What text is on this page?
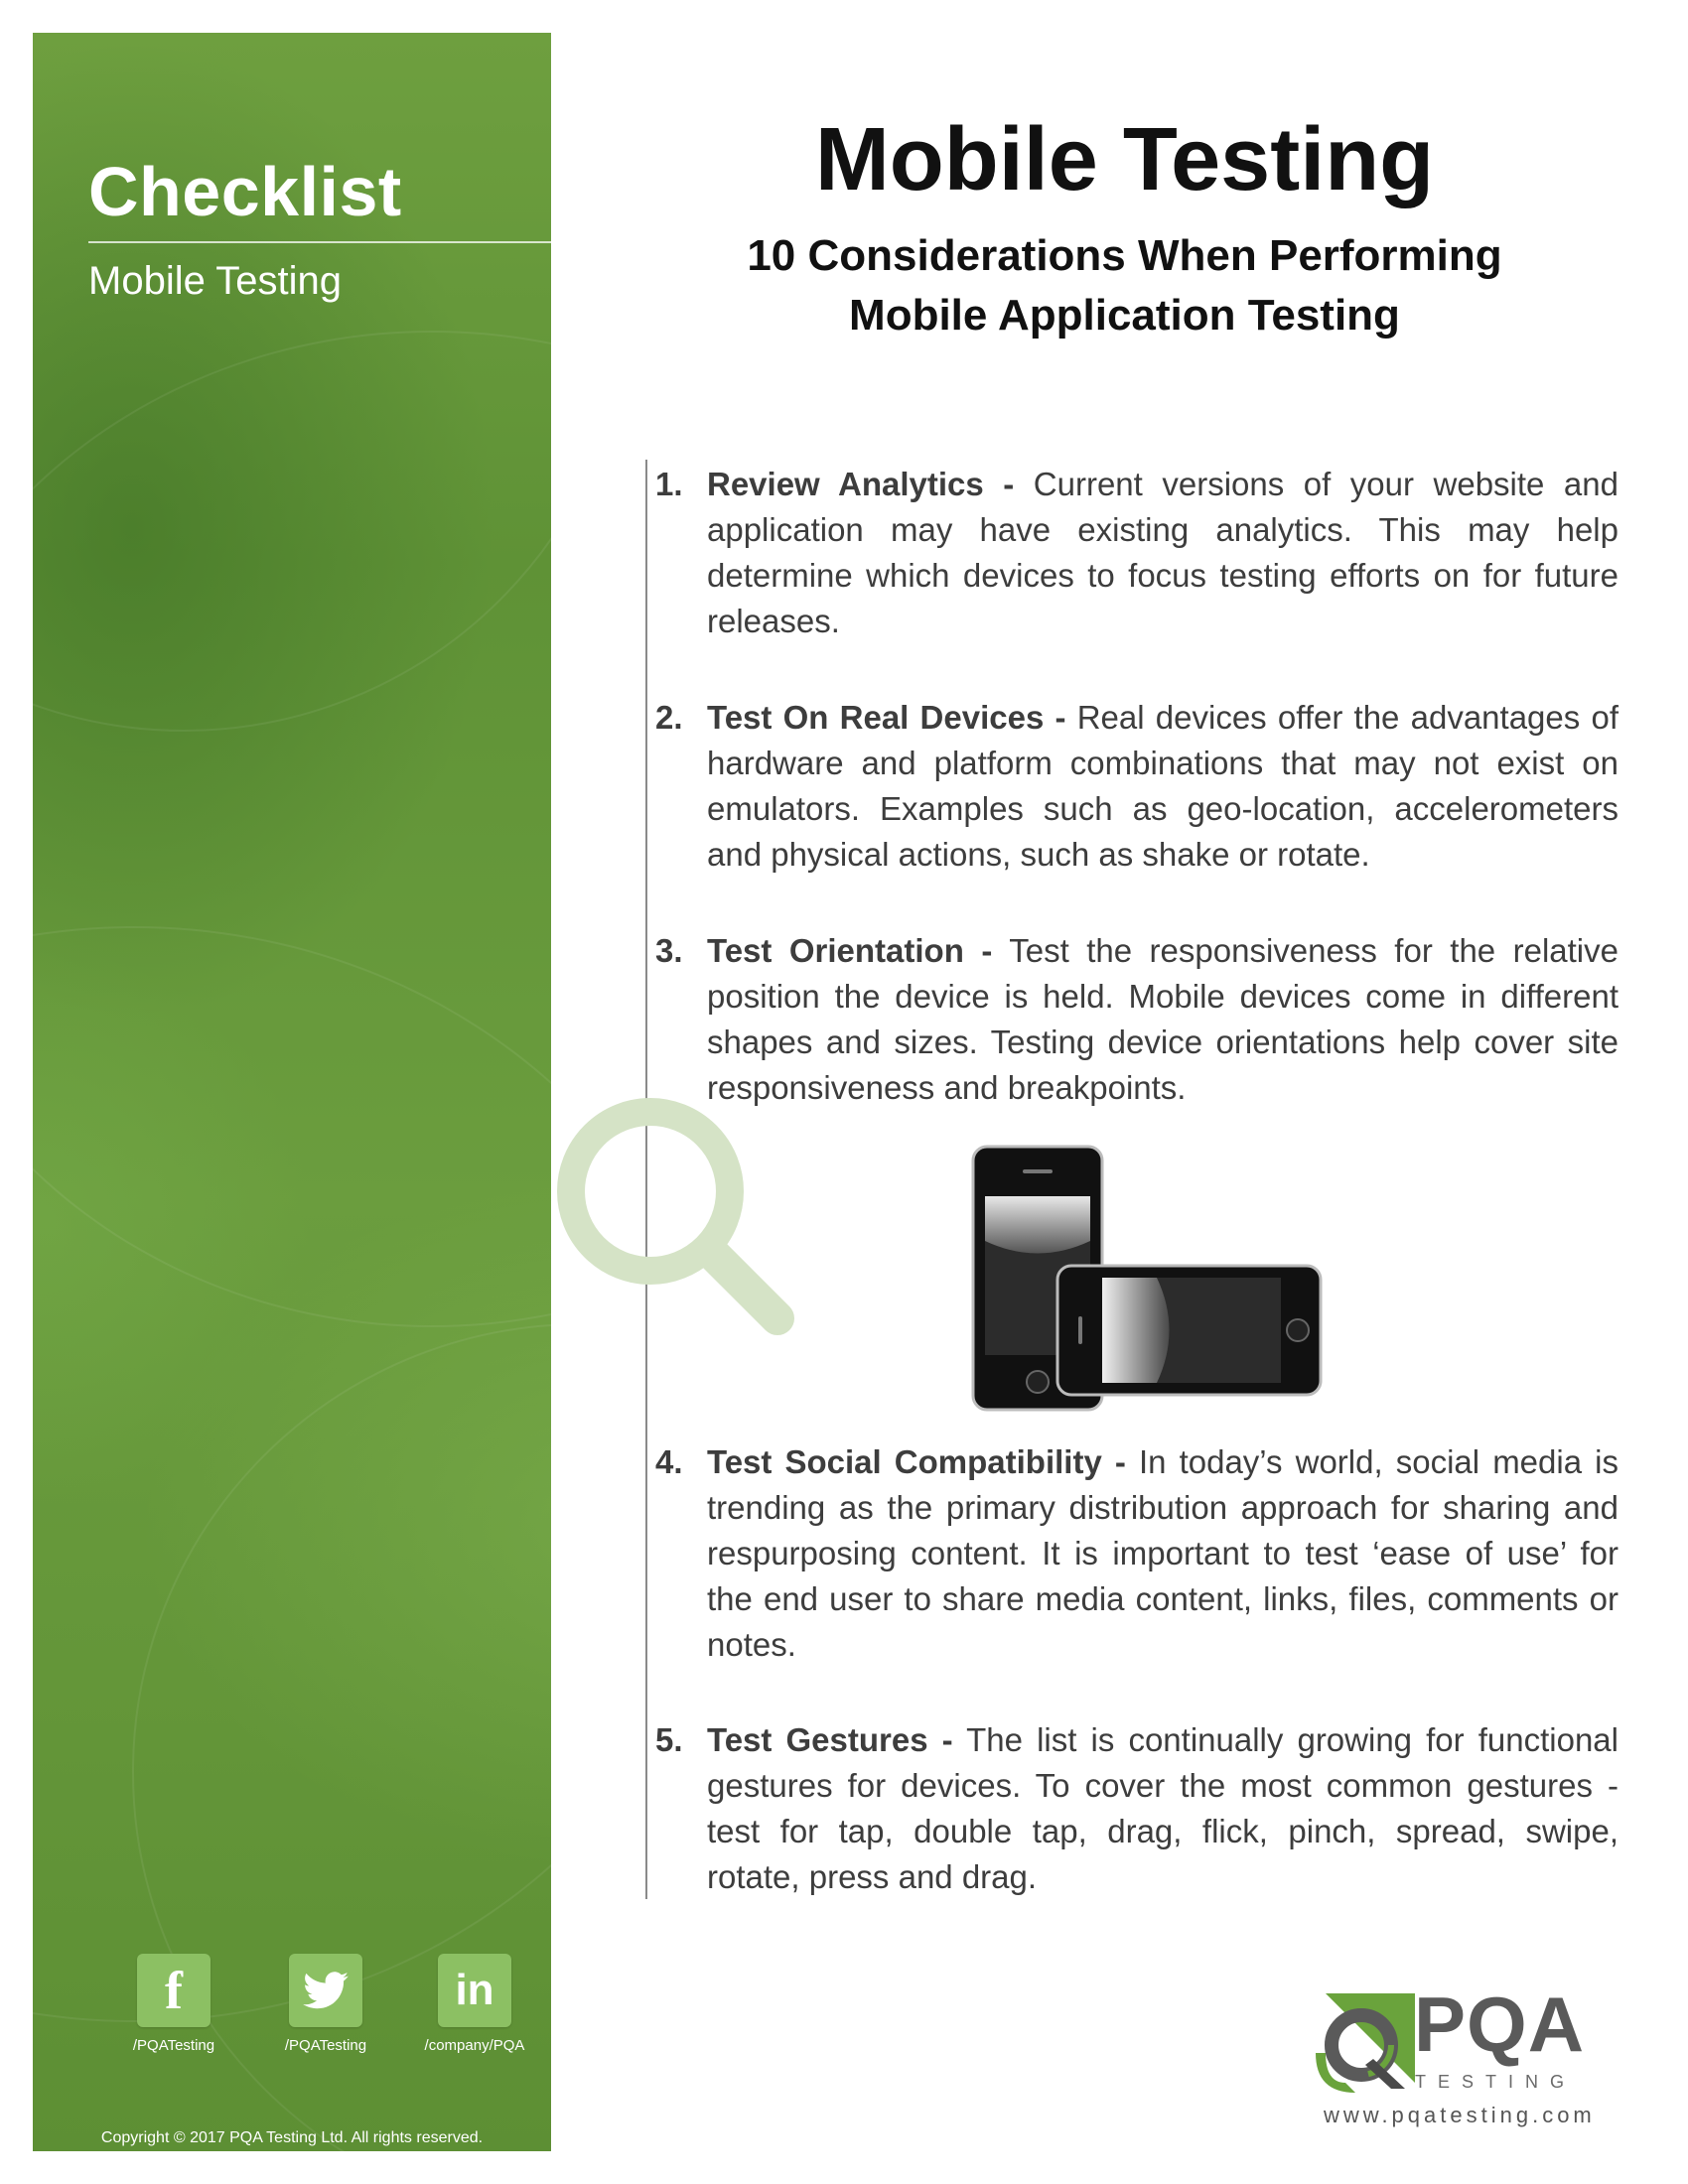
Checklist

Mobile Testing

f
/PQATesting	/PQATesting
in
/company/PQA

Copyright © 2017 PQA Testing Ltd. All rights reserved.

Mobile Testing
10 Considerations When Performing
Mobile Application Testing
1. Review Analytics - Current versions of your website and application may have existing analytics. This may help determine which devices to focus testing efforts on for future releases.
2. Test On Real Devices - Real devices offer the advantages of hardware and platform combinations that may not exist on emulators. Examples such as geo-location, accelerometers and physical actions, such as shake or rotate.
3. Test Orientation - Test the responsiveness for the relative position the device is held. Mobile devices come in different shapes and sizes. Testing device orientations help cover site responsiveness and breakpoints.
4. Test Social Compatibility - In today’s world, social media is trending as the primary distribution approach for sharing and respurposing content. It is important to test ‘ease of use’ for the end user to share media content, links, files, comments or notes.
5. Test Gestures - The list is continually growing for functional gestures for devices. To cover the most common gestures - test for tap, double tap, drag, flick, pinch, spread, swipe, rotate, press and drag.

PQA

TESTING

www.pqatesting.com
